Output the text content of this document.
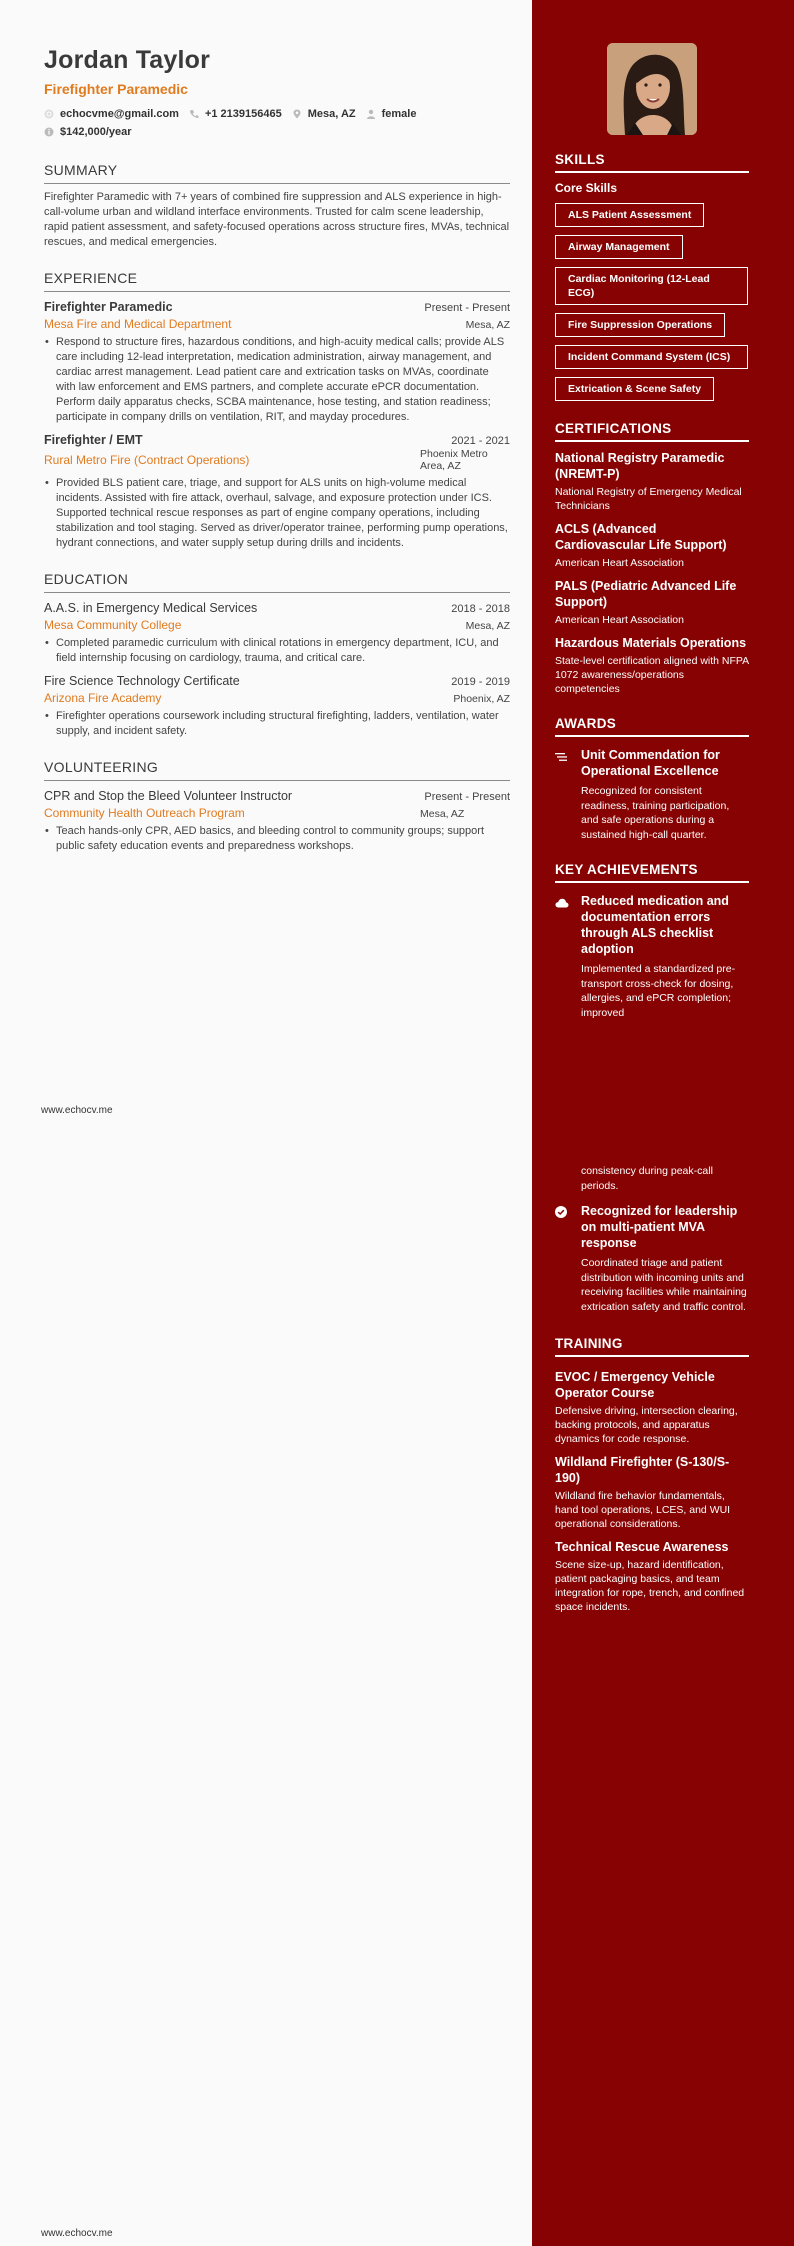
Jordan Taylor
Firefighter Paramedic
echocvme@gmail.com +1 2139156465 Mesa, AZ female
$142,000/year
SUMMARY
Firefighter Paramedic with 7+ years of combined fire suppression and ALS experience in high-call-volume urban and wildland interface environments. Trusted for calm scene leadership, rapid patient assessment, and safety-focused operations across structure fires, MVAs, technical rescues, and medical emergencies.
EXPERIENCE
Firefighter Paramedic	Present - Present
Mesa Fire and Medical Department	Mesa, AZ
• Respond to structure fires, hazardous conditions, and high-acuity medical calls; provide ALS care including 12-lead interpretation, medication administration, airway management, and cardiac arrest management. Lead patient care and extrication tasks on MVAs, coordinate with law enforcement and EMS partners, and complete accurate ePCR documentation. Perform daily apparatus checks, SCBA maintenance, hose testing, and station readiness; participate in company drills on ventilation, RIT, and mayday procedures.
Firefighter / EMT	2021 - 2021
Rural Metro Fire (Contract Operations)	Phoenix Metro Area, AZ
• Provided BLS patient care, triage, and support for ALS units on high-volume medical incidents. Assisted with fire attack, overhaul, salvage, and exposure protection under ICS. Supported technical rescue responses as part of engine company operations, including stabilization and tool staging. Served as driver/operator trainee, performing pump operations, hydrant connections, and water supply setup during drills and incidents.
EDUCATION
A.A.S. in Emergency Medical Services	2018 - 2018
Mesa Community College	Mesa, AZ
• Completed paramedic curriculum with clinical rotations in emergency department, ICU, and field internship focusing on cardiology, trauma, and critical care.
Fire Science Technology Certificate	2019 - 2019
Arizona Fire Academy	Phoenix, AZ
• Firefighter operations coursework including structural firefighting, ladders, ventilation, water supply, and incident safety.
VOLUNTEERING
CPR and Stop the Bleed Volunteer Instructor	Present - Present
Community Health Outreach Program	Mesa, AZ
• Teach hands-only CPR, AED basics, and bleeding control to community groups; support public safety education events and preparedness workshops.
www.echocv.me
www.echocv.me
SKILLS
Core Skills
ALS Patient Assessment
Airway Management
Cardiac Monitoring (12-Lead ECG)
Fire Suppression Operations
Incident Command System (ICS)
Extrication & Scene Safety
CERTIFICATIONS
National Registry Paramedic (NREMT-P)
National Registry of Emergency Medical Technicians
ACLS (Advanced Cardiovascular Life Support)
American Heart Association
PALS (Pediatric Advanced Life Support)
American Heart Association
Hazardous Materials Operations
State-level certification aligned with NFPA 1072 awareness/operations competencies
AWARDS
Unit Commendation for Operational Excellence
Recognized for consistent readiness, training participation, and safe operations during a sustained high-call quarter.
KEY ACHIEVEMENTS
Reduced medication and documentation errors through ALS checklist adoption
Implemented a standardized pre-transport cross-check for dosing, allergies, and ePCR completion; improved
consistency during peak-call periods.
Recognized for leadership on multi-patient MVA response
Coordinated triage and patient distribution with incoming units and receiving facilities while maintaining extrication safety and traffic control.
TRAINING
EVOC / Emergency Vehicle Operator Course
Defensive driving, intersection clearing, backing protocols, and apparatus dynamics for code response.
Wildland Firefighter (S-130/S-190)
Wildland fire behavior fundamentals, hand tool operations, LCES, and WUI operational considerations.
Technical Rescue Awareness
Scene size-up, hazard identification, patient packaging basics, and team integration for rope, trench, and confined space incidents.
